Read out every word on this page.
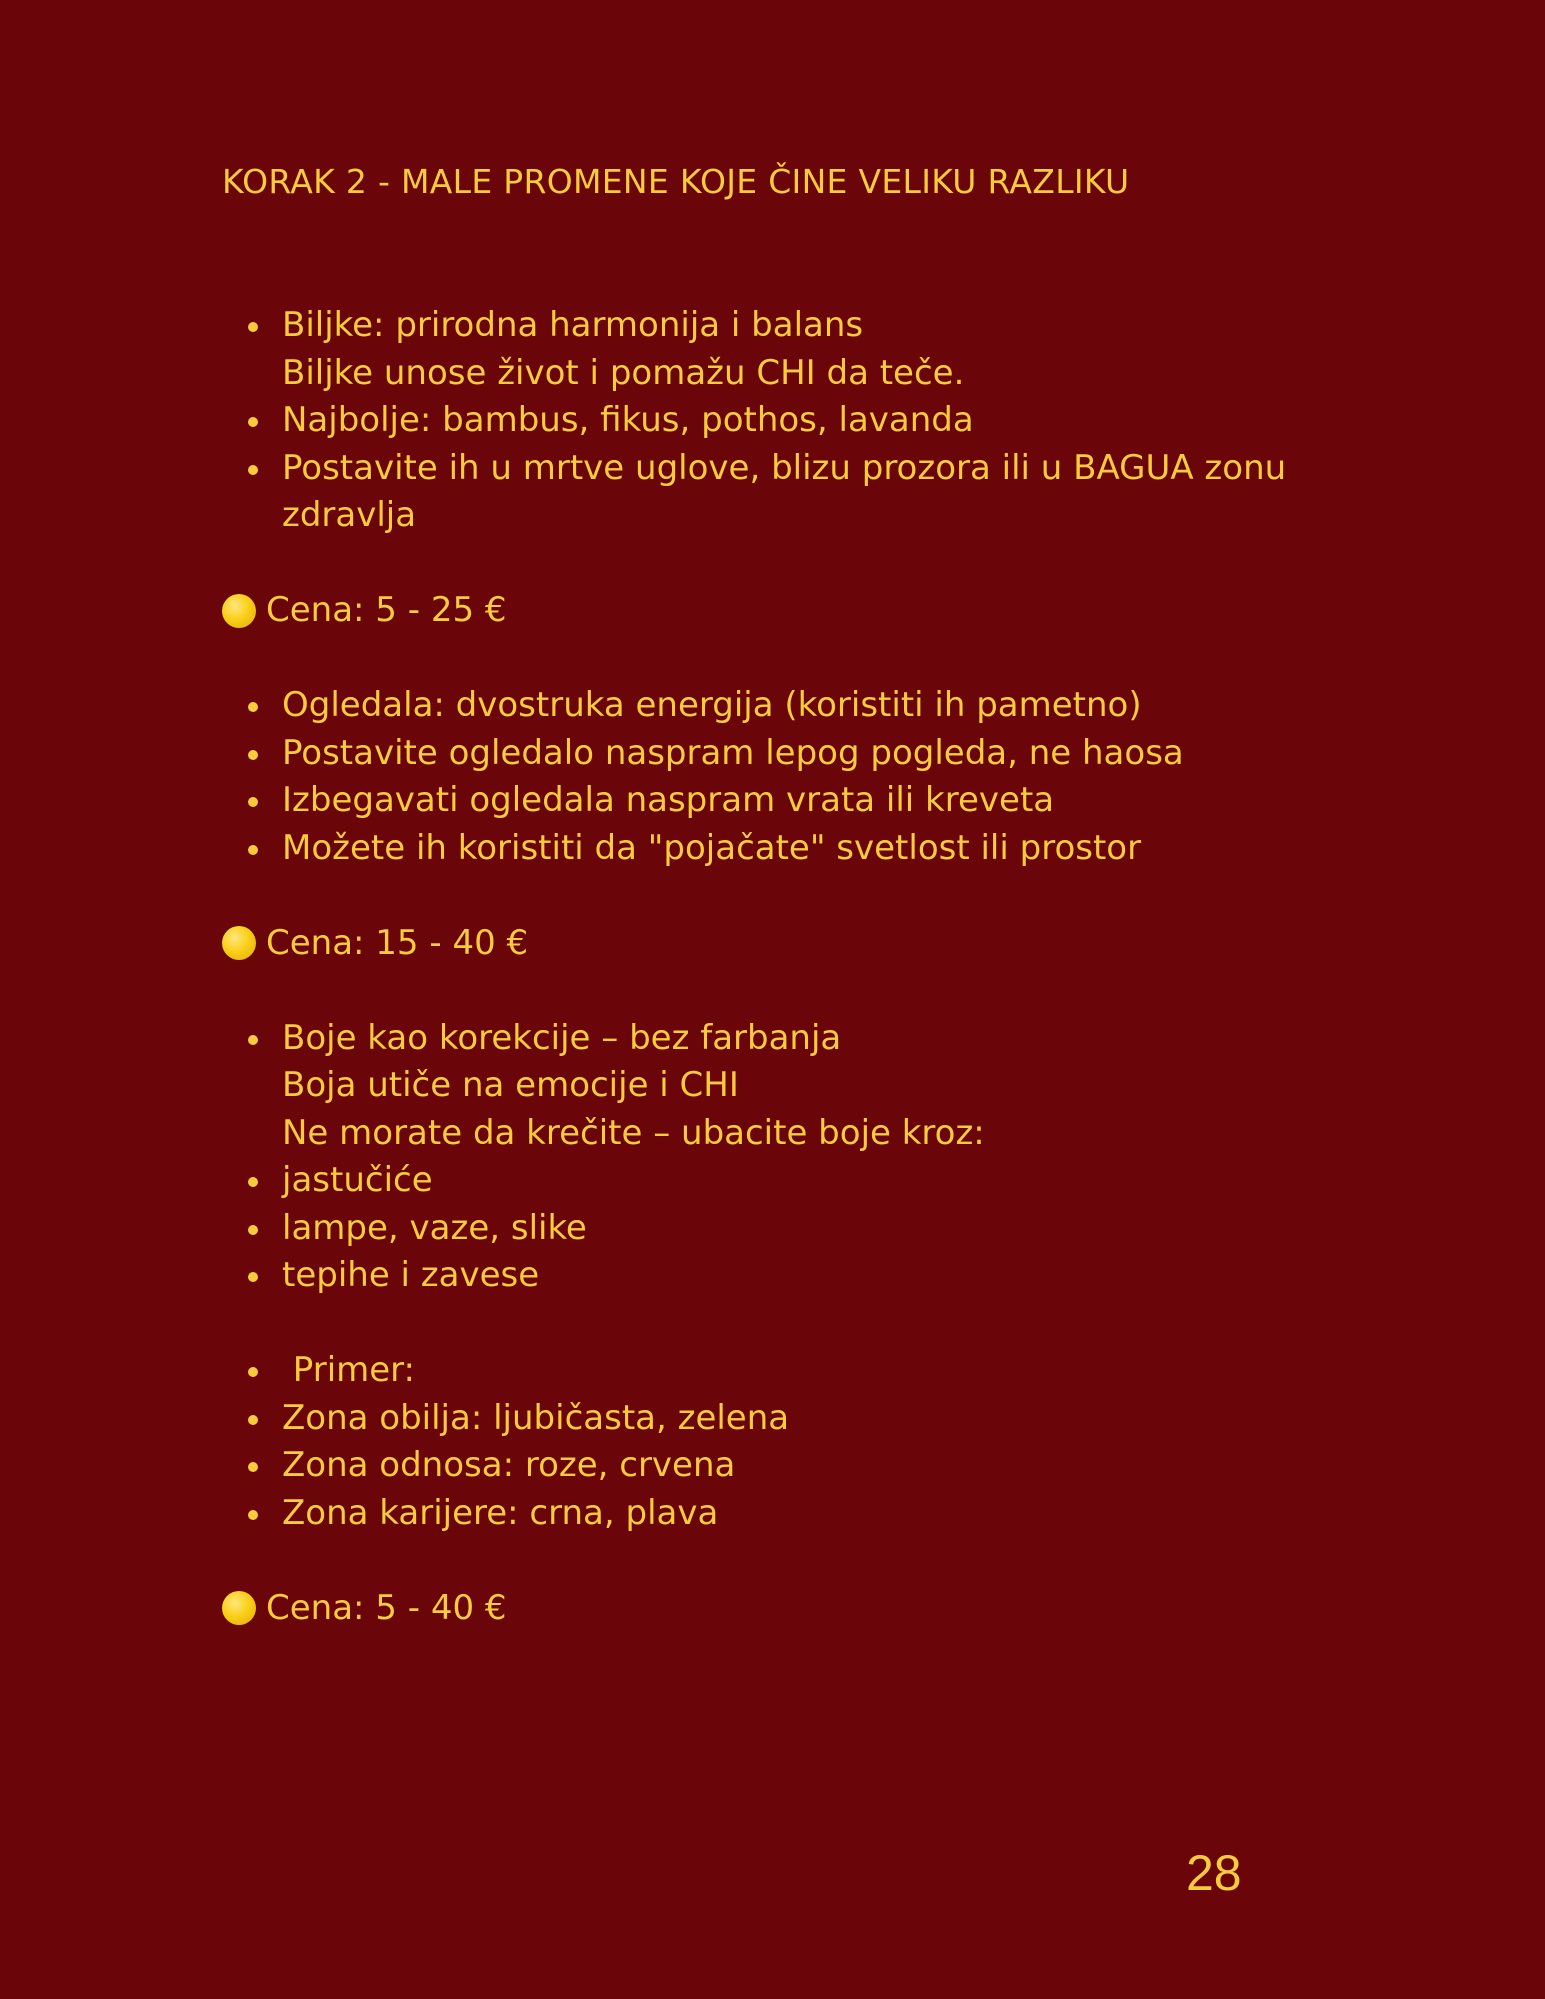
KORAK 2 - MALE PROMENE KOJE ČINE VELIKU RAZLIKU
Biljke: prirodna harmonija i balans
Biljke unose život i pomažu CHI da teče.
Najbolje: bambus, fikus, pothos, lavanda
Postavite ih u mrtve uglove, blizu prozora ili u BAGUA zonu
zdravlja
Cena: 5 - 25 €
Ogledala: dvostruka energija (koristiti ih pametno)
Postavite ogledalo naspram lepog pogleda, ne haosa
Izbegavati ogledala naspram vrata ili kreveta
Možete ih koristiti da "pojačate" svetlost ili prostor
Cena: 15 - 40 €
Boje kao korekcije – bez farbanja
Boja utiče na emocije i CHI
Ne morate da krečite – ubacite boje kroz:
jastučiće
lampe, vaze, slike
tepihe i zavese
Primer:
Zona obilja: ljubičasta, zelena
Zona odnosa: roze, crvena
Zona karijere: crna, plava
Cena: 5 - 40 €
28
